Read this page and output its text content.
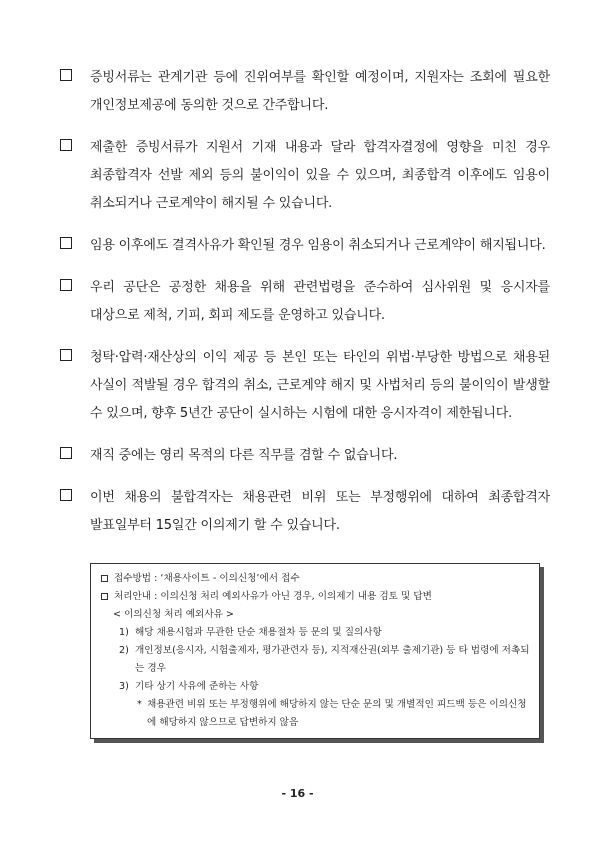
증빙서류는 관계기관 등에 진위여부를 확인할 예정이며, 지원자는 조회에 필요한 개인정보제공에 동의한 것으로 간주합니다.
제출한 증빙서류가 지원서 기재 내용과 달라 합격자결정에 영향을 미친 경우 최종합격자 선발 제외 등의 불이익이 있을 수 있으며, 최종합격 이후에도 임용이 취소되거나 근로계약이 해지될 수 있습니다.
임용 이후에도 결격사유가 확인될 경우 임용이 취소되거나 근로계약이 해지됩니다.
우리 공단은 공정한 채용을 위해 관련법령을 준수하여 심사위원 및 응시자를 대상으로 제척, 기피, 회피 제도를 운영하고 있습니다.
청탁·압력·재산상의 이익 제공 등 본인 또는 타인의 위법·부당한 방법으로 채용된 사실이 적발될 경우 합격의 취소, 근로계약 해지 및 사법처리 등의 불이익이 발생할 수 있으며, 향후 5년간 공단이 실시하는 시험에 대한 응시자격이 제한됩니다.
재직 중에는 영리 목적의 다른 직무를 겸할 수 없습니다.
이번 채용의 불합격자는 채용관련 비위 또는 부정행위에 대하여 최종합격자 발표일부터 15일간 이의제기 할 수 있습니다.
접수방법 : ‘채용사이트 - 이의신청’에서 접수
처리안내 : 이의신청 처리 예외사유가 아닌 경우, 이의제기 내용 검토 및 답변
< 이의신청 처리 예외사유 >
1) 해당 채용시험과 무관한 단순 채용절차 등 문의 및 질의사항
2) 개인정보(응시자, 시험출제자, 평가관련자 등), 지적재산권(외부 출제기관) 등 타 법령에 저촉되는 경우
3) 기타 상기 사유에 준하는 사항
* 채용관련 비위 또는 부정행위에 해당하지 않는 단순 문의 및 개별적인 피드백 등은 이의신청에 해당하지 않으므로 답변하지 않음
- 16 -
